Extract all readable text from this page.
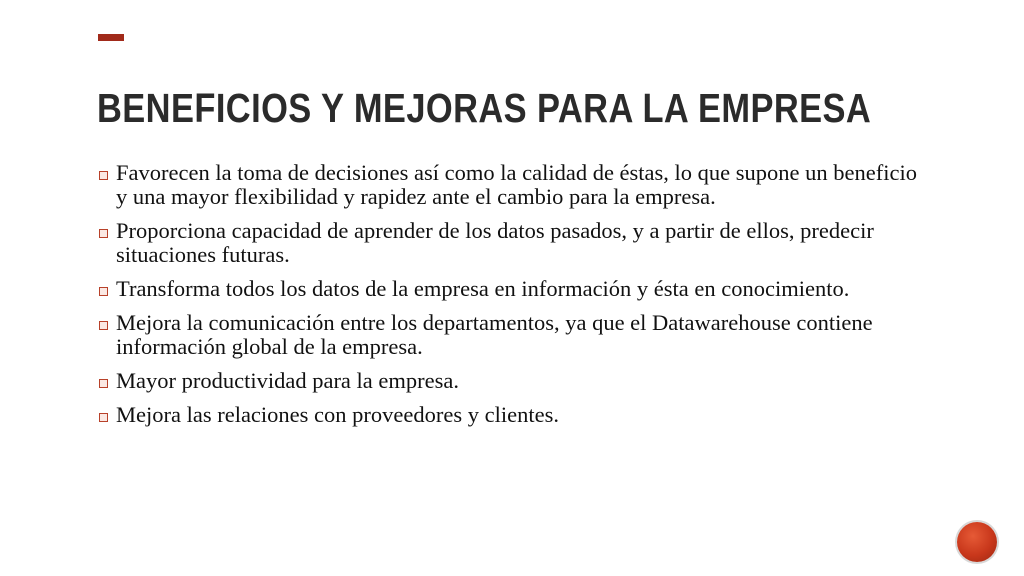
BENEFICIOS Y MEJORAS PARA LA EMPRESA
Favorecen la toma de decisiones así como la calidad de éstas, lo que supone un beneficio y una mayor flexibilidad y rapidez ante el cambio para la empresa.
Proporciona capacidad de aprender de los datos pasados, y a partir de ellos, predecir situaciones futuras.
Transforma todos los datos de la empresa en información y ésta en conocimiento.
Mejora la comunicación entre los departamentos, ya que el Datawarehouse contiene información global de la empresa.
Mayor productividad para la empresa.
Mejora las relaciones con proveedores y clientes.
